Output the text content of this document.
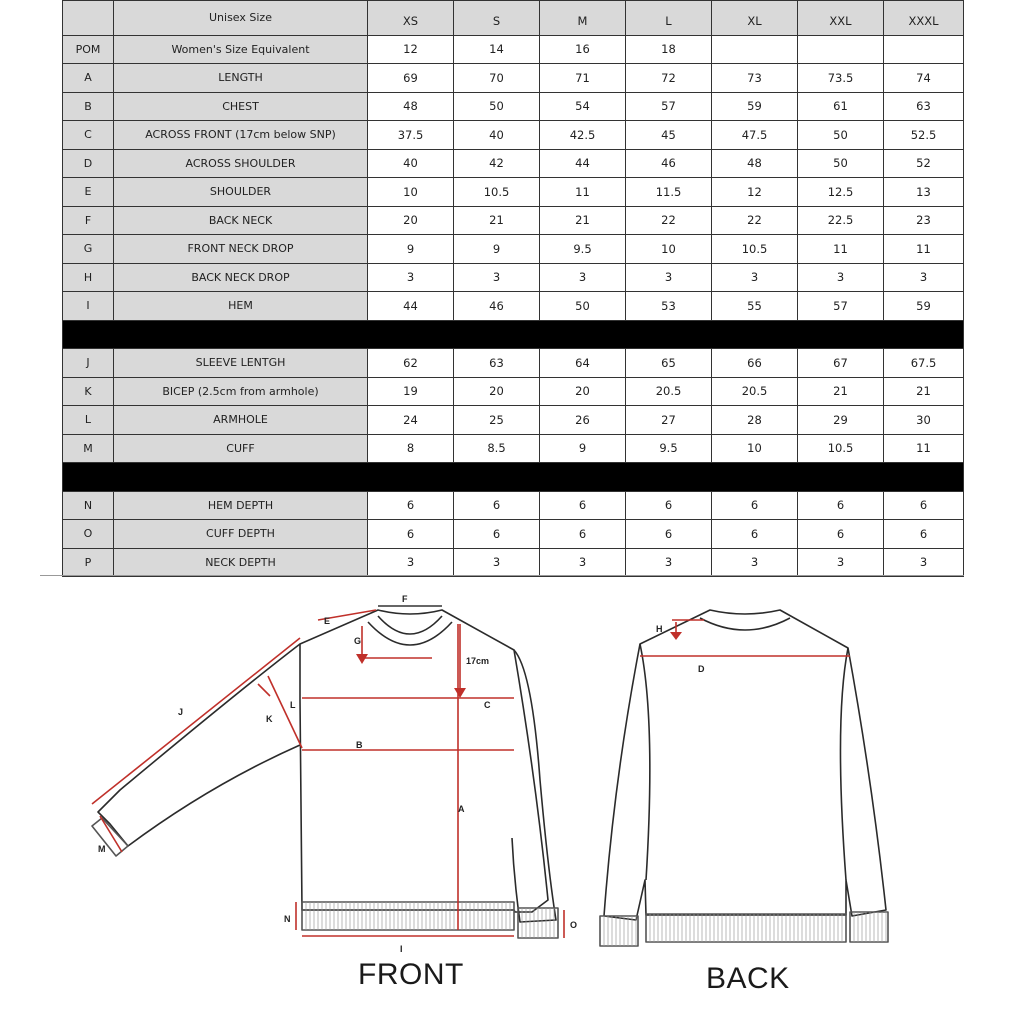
	Unisex Size	XS	S	M	L	XL	XXL	XXXL
POM	Women's Size Equivalent	12	14	16	18			
A	LENGTH	69	70	71	72	73	73.5	74
B	CHEST	48	50	54	57	59	61	63
C	ACROSS FRONT (17cm below SNP)	37.5	40	42.5	45	47.5	50	52.5
D	ACROSS SHOULDER	40	42	44	46	48	50	52
E	SHOULDER	10	10.5	11	11.5	12	12.5	13
F	BACK NECK	20	21	21	22	22	22.5	23
G	FRONT NECK DROP	9	9	9.5	10	10.5	11	11
H	BACK NECK DROP	3	3	3	3	3	3	3
I	HEM	44	46	50	53	55	57	59

J	SLEEVE LENTGH	62	63	64	65	66	67	67.5
K	BICEP (2.5cm from armhole)	19	20	20	20.5	20.5	21	21
L	ARMHOLE	24	25	26	27	28	29	30
M	CUFF	8	8.5	9	9.5	10	10.5	11

N	HEM DEPTH	6	6	6	6	6	6	6
O	CUFF DEPTH	6	6	6	6	6	6	6
P	NECK DEPTH	3	3	3	3	3	3	3
F
E
G
17cm
C
L
J
K
B
A
M
N
O
I
H
D
FRONT	BACK
